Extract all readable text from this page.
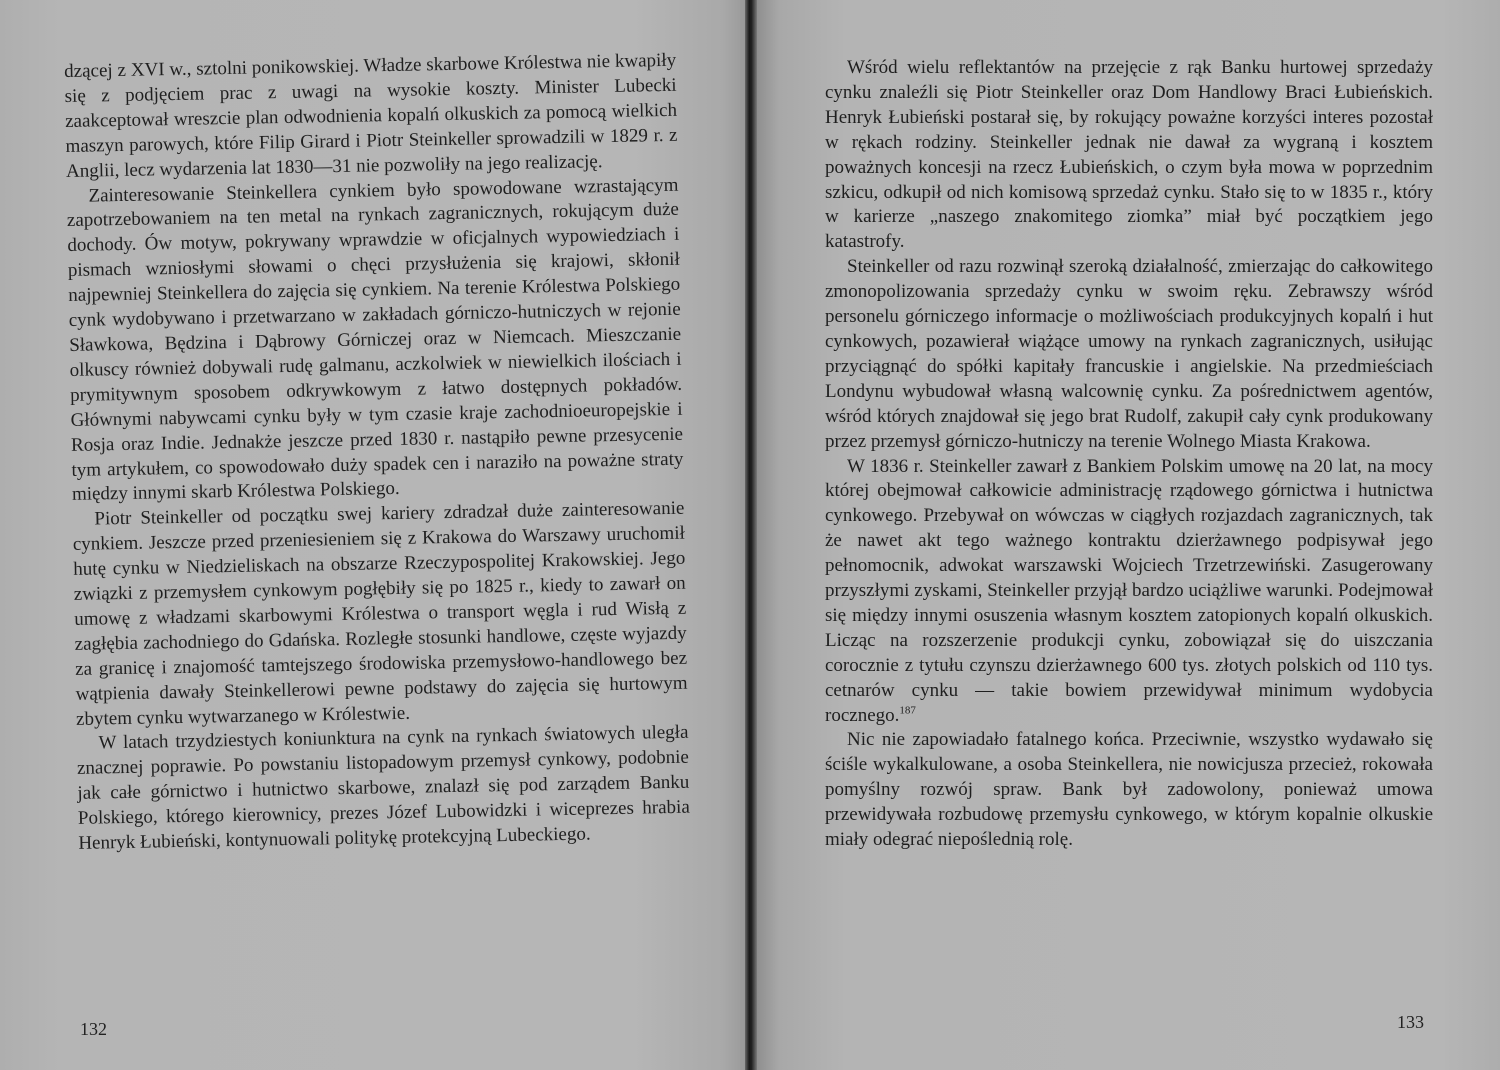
dzącej z XVI w., sztolni ponikowskiej. Władze skarbowe Królestwa nie kwapiły się z podjęciem prac z uwagi na wysokie koszty. Minister Lubecki zaakceptował wreszcie plan odwodnienia kopalń olkuskich za pomocą wielkich maszyn parowych, które Filip Girard i Piotr Steinkeller sprowadzili w 1829 r. z Anglii, lecz wydarzenia lat 1830—31 nie pozwoliły na jego realizację.

Zainteresowanie Steinkellera cynkiem było spowodowane wzrastającym zapotrzebowaniem na ten metal na rynkach zagranicznych, rokującym duże dochody. Ów motyw, pokrywany wprawdzie w oficjalnych wypowiedziach i pismach wzniosłymi słowami o chęci przysłużenia się krajowi, skłonił najpewniej Steinkellera do zajęcia się cynkiem. Na terenie Królestwa Polskiego cynk wydobywano i przetwarzano w zakładach górniczo-hutniczych w rejonie Sławkowa, Będzina i Dąbrowy Górniczej oraz w Niemcach. Mieszczanie olkuscy również dobywali rudę galmanu, aczkolwiek w niewielkich ilościach i prymitywnym sposobem odkrywkowym z łatwo dostępnych pokładów. Głównymi nabywcami cynku były w tym czasie kraje zachodnioeuropejskie i Rosja oraz Indie. Jednakże jeszcze przed 1830 r. nastąpiło pewne przesycenie tym artykułem, co spowodowało duży spadek cen i naraziło na poważne straty między innymi skarb Królestwa Polskiego.

Piotr Steinkeller od początku swej kariery zdradzał duże zainteresowanie cynkiem. Jeszcze przed przeniesieniem się z Krakowa do Warszawy uruchomił hutę cynku w Niedzieliskach na obszarze Rzeczypospolitej Krakowskiej. Jego związki z przemysłem cynkowym pogłębiły się po 1825 r., kiedy to zawarł on umowę z władzami skarbowymi Królestwa o transport węgla i rud Wisłą z zagłębia zachodniego do Gdańska. Rozległe stosunki handlowe, częste wyjazdy za granicę i znajomość tamtejszego środowiska przemysłowo-handlowego bez wątpienia dawały Steinkellerowi pewne podstawy do zajęcia się hurtowym zbytem cynku wytwarzanego w Królestwie.

W latach trzydziestych koniunktura na cynk na rynkach światowych uległa znacznej poprawie. Po powstaniu listopadowym przemysł cynkowy, podobnie jak całe górnictwo i hutnictwo skarbowe, znalazł się pod zarządem Banku Polskiego, którego kierownicy, prezes Józef Lubowidzki i wiceprezes hrabia Henryk Łubieński, kontynuowali politykę protekcyjną Lubeckiego.

132

Wśród wielu reflektantów na przejęcie z rąk Banku hurtowej sprzedaży cynku znaleźli się Piotr Steinkeller oraz Dom Handlowy Braci Łubieńskich. Henryk Łubieński postarał się, by rokujący poważne korzyści interes pozostał w rękach rodziny. Steinkeller jednak nie dawał za wygraną i kosztem poważnych koncesji na rzecz Łubieńskich, o czym była mowa w poprzednim szkicu, odkupił od nich komisową sprzedaż cynku. Stało się to w 1835 r., który w karierze „naszego znakomitego ziomka” miał być początkiem jego katastrofy.

Steinkeller od razu rozwinął szeroką działalność, zmierzając do całkowitego zmonopolizowania sprzedaży cynku w swoim ręku. Zebrawszy wśród personelu górniczego informacje o możliwościach produkcyjnych kopalń i hut cynkowych, pozawierał wiążące umowy na rynkach zagranicznych, usiłując przyciągnąć do spółki kapitały francuskie i angielskie. Na przedmieściach Londynu wybudował własną walcownię cynku. Za pośrednictwem agentów, wśród których znajdował się jego brat Rudolf, zakupił cały cynk produkowany przez przemysł górniczo-hutniczy na terenie Wolnego Miasta Krakowa.

W 1836 r. Steinkeller zawarł z Bankiem Polskim umowę na 20 lat, na mocy której obejmował całkowicie administrację rządowego górnictwa i hutnictwa cynkowego. Przebywał on wówczas w ciągłych rozjazdach zagranicznych, tak że nawet akt tego ważnego kontraktu dzierżawnego podpisywał jego pełnomocnik, adwokat warszawski Wojciech Trzetrzewiński. Zasugerowany przyszłymi zyskami, Steinkeller przyjął bardzo uciążliwe warunki. Podejmował się między innymi osuszenia własnym kosztem zatopionych kopalń olkuskich. Licząc na rozszerzenie produkcji cynku, zobowiązał się do uiszczania corocznie z tytułu czynszu dzierżawnego 600 tys. złotych polskich od 110 tys. cetnarów cynku — takie bowiem przewidywał minimum wydobycia rocznego.$^{187}$

Nic nie zapowiadało fatalnego końca. Przeciwnie, wszystko wydawało się ściśle wykalkulowane, a osoba Steinkellera, nie nowicjusza przecież, rokowała pomyślny rozwój spraw. Bank był zadowolony, ponieważ umowa przewidywała rozbudowę przemysłu cynkowego, w którym kopalnie olkuskie miały odegrać niepoślednią rolę.

133
